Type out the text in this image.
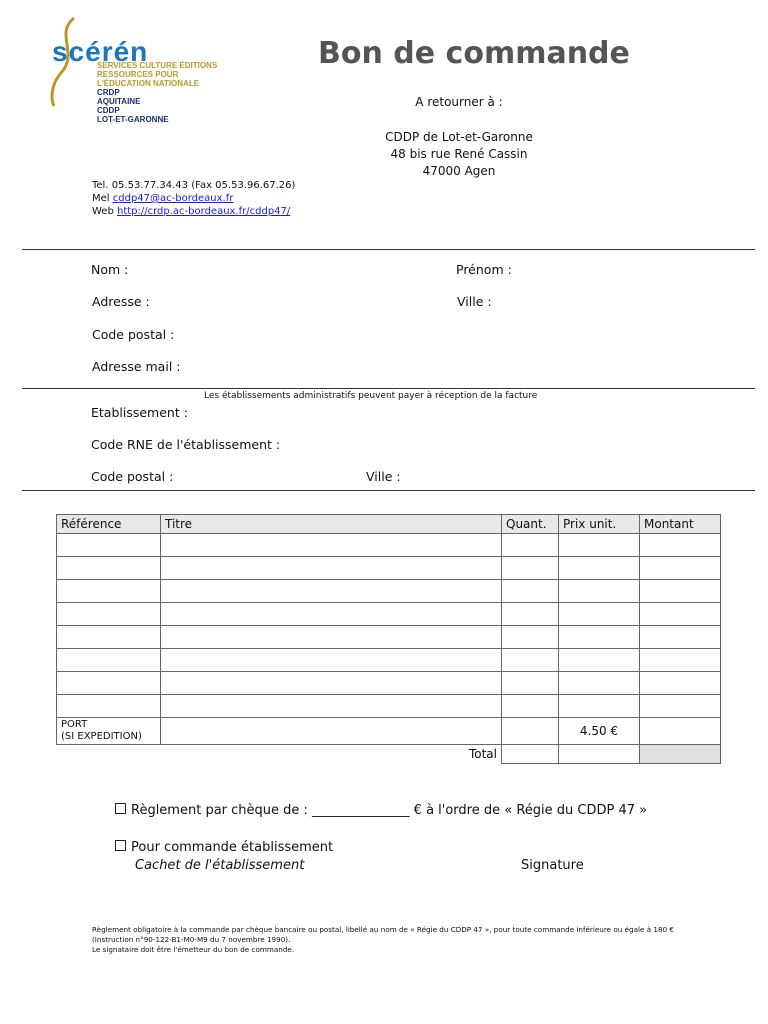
scérén
SERVICES CULTURE ÉDITIONS
RESSOURCES POUR
L'ÉDUCATION NATIONALE
CRDP
AQUITAINE
CDDP
LOT-ET-GARONNE
Bon de commande
A retourner à :
CDDP de Lot-et-Garonne
48 bis rue René Cassin
47000 Agen
Tel. 05.53.77.34.43 (Fax 05.53.96.67.26)
Mel cddp47@ac-bordeaux.fr
Web http://crdp.ac-bordeaux.fr/cddp47/
Nom :	Prénom :
Adresse :	Ville :
Code postal :
Adresse mail :
Les établissements administratifs peuvent payer à réception de la facture
Etablissement :
Code RNE de l'établissement :
Code postal :	Ville :
Référence	Titre	Quant.	Prix unit.	Montant

PORT
(SI EXPEDITION)			4.50 €	
	Total			
Règlement par chèque de : _______________ € à l'ordre de « Régie du CDDP 47 »
Pour commande établissement
Cachet de l'établissement	Signature
Règlement obligatoire à la commande par chèque bancaire ou postal, libellé au nom de « Régie du CDDP 47 », pour toute commande inférieure ou égale à 180 €
(Instruction n°90-122-B1-M0-M9 du 7 novembre 1990).
Le signataire doit être l'émetteur du bon de commande.
